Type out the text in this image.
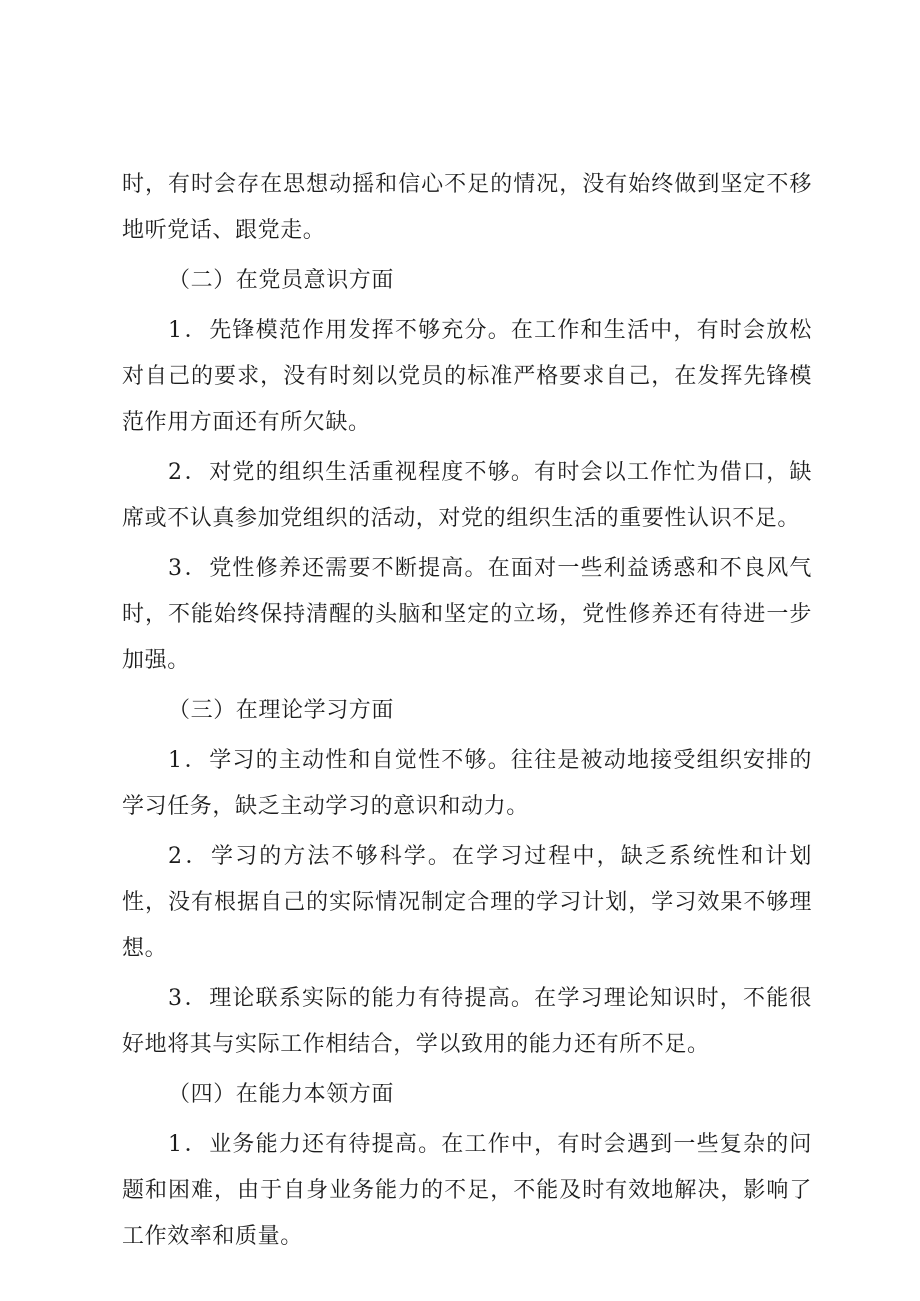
时，有时会存在思想动摇和信心不足的情况，没有始终做到坚定不移地听党话、跟党走。

（二）在党员意识方面

1．先锋模范作用发挥不够充分。在工作和生活中，有时会放松对自己的要求，没有时刻以党员的标准严格要求自己，在发挥先锋模范作用方面还有所欠缺。

2．对党的组织生活重视程度不够。有时会以工作忙为借口，缺席或不认真参加党组织的活动，对党的组织生活的重要性认识不足。

3．党性修养还需要不断提高。在面对一些利益诱惑和不良风气时，不能始终保持清醒的头脑和坚定的立场，党性修养还有待进一步加强。

（三）在理论学习方面

1．学习的主动性和自觉性不够。往往是被动地接受组织安排的学习任务，缺乏主动学习的意识和动力。

2．学习的方法不够科学。在学习过程中，缺乏系统性和计划性，没有根据自己的实际情况制定合理的学习计划，学习效果不够理想。

3．理论联系实际的能力有待提高。在学习理论知识时，不能很好地将其与实际工作相结合，学以致用的能力还有所不足。

（四）在能力本领方面

1．业务能力还有待提高。在工作中，有时会遇到一些复杂的问题和困难，由于自身业务能力的不足，不能及时有效地解决，影响了工作效率和质量。
